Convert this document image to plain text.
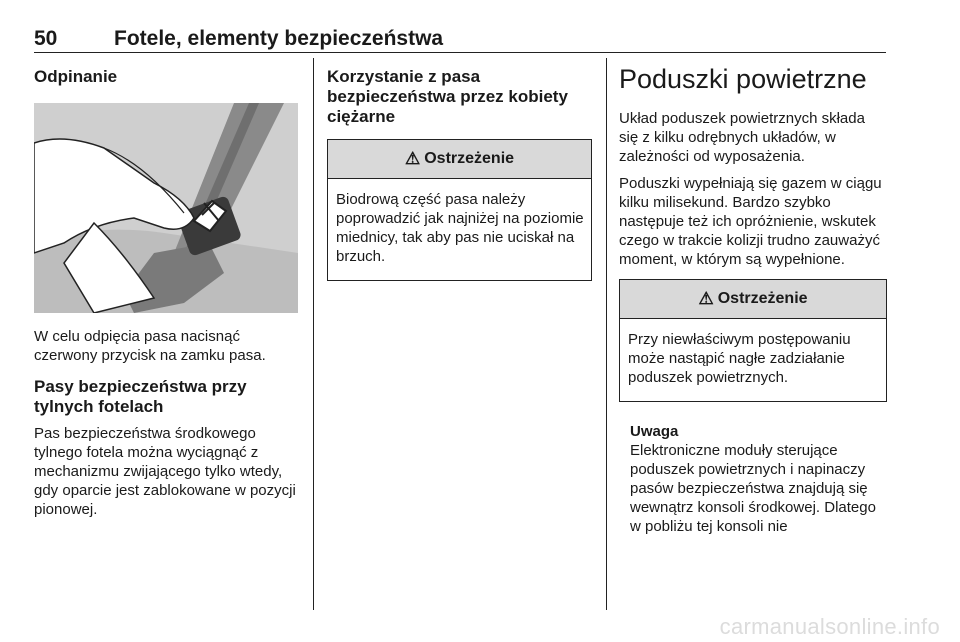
50	Fotele, elementy bezpieczeństwa
Odpinanie

W celu odpięcia pasa nacisnąć czerwony przycisk na zamku pasa.

Pasy bezpieczeństwa przy tylnych fotelach

Pas bezpieczeństwa środkowego tylnego fotela można wyciągnąć z mechanizmu zwijającego tylko wtedy, gdy oparcie jest zablokowane w pozycji pionowej.

Korzystanie z pasa bezpieczeństwa przez kobiety ciężarne
⚠ Ostrzeżenie

Biodrową część pasa należy poprowadzić jak najniżej na poziomie miednicy, tak aby pas nie uciskał na brzuch.

Poduszki powietrzne

Układ poduszek powietrznych składa się z kilku odrębnych układów, w zależności od wyposażenia.

Poduszki wypełniają się gazem w ciągu kilku milisekund. Bardzo szybko następuje też ich opróżnienie, wskutek czego w trakcie kolizji trudno zauważyć moment, w którym są wypełnione.

⚠ Ostrzeżenie

Przy niewłaściwym postępowaniu może nastąpić nagłe zadziałanie poduszek powietrznych.

Uwaga

Elektroniczne moduły sterujące poduszek powietrznych i napinaczy pasów bezpieczeństwa znajdują się wewnątrz konsoli środkowej. Dlatego w pobliżu tej konsoli nie

carmanualsonline.info
